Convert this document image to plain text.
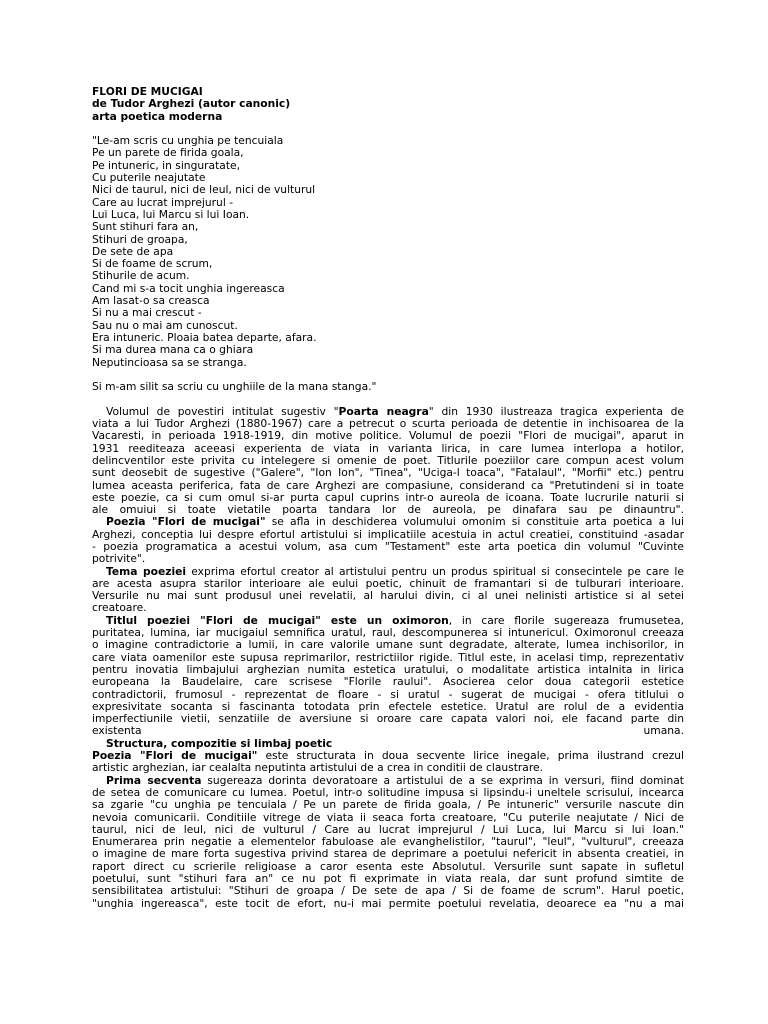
FLORI DE MUCIGAI
de Tudor Arghezi (autor canonic)
arta poetica moderna
"Le-am scris cu unghia pe tencuiala
Pe un parete de firida goala,
Pe intuneric, in singuratate,
Cu puterile neajutate
Nici de taurul, nici de leul, nici de vulturul
Care au lucrat imprejurul -
Lui Luca, lui Marcu si lui Ioan.
Sunt stihuri fara an,
Stihuri de groapa,
De sete de apa
Si de foame de scrum,
Stihurile de acum.
Cand mi s-a tocit unghia ingereasca
Am lasat-o sa creasca
Si nu a mai crescut -
Sau nu o mai am cunoscut.
Era intuneric. Ploaia batea departe, afara.
Si ma durea mana ca o ghiara
Neputincioasa sa se stranga.
Si m-am silit sa scriu cu unghiile de la mana stanga."
Volumul de povestiri intitulat sugestiv "Poarta neagra" din 1930 ilustreaza tragica experienta de
viata a lui Tudor Arghezi (1880-1967) care a petrecut o scurta perioada de detentie in inchisoarea de la
Vacaresti, in perioada 1918-1919, din motive politice. Volumul de poezii "Flori de mucigai", aparut in
1931 reediteaza aceeasi experienta de viata in varianta lirica, in care lumea interlopa a hotilor,
delincventilor este privita cu intelegere si omenie de poet. Titlurile poeziilor care compun acest volum
sunt deosebit de sugestive ("Galere", "Ion Ion", "Tinea", "Uciga-l toaca", "Fatalaul", "Morfii" etc.) pentru
lumea aceasta periferica, fata de care Arghezi are compasiune, considerand ca "Pretutindeni si in toate
este poezie, ca si cum omul si-ar purta capul cuprins intr-o aureola de icoana. Toate lucrurile naturii si
ale omuiui si toate vietatile poarta tandara lor de aureola, pe dinafara sau pe dinauntru".
Poezia "Flori de mucigai" se afla in deschiderea volumului omonim si constituie arta poetica a lui
Arghezi, conceptia lui despre efortul artistului si implicatiile acestuia in actul creatiei, constituind -asadar
- poezia programatica a acestui volum, asa cum "Testament" este arta poetica din volumul "Cuvinte
potrivite".
Tema poeziei exprima efortul creator al artistului pentru un produs spiritual si consecintele pe care le
are acesta asupra starilor interioare ale eului poetic, chinuit de framantari si de tulburari interioare.
Versurile nu mai sunt produsul unei revelatii, al harului divin, ci al unei nelinisti artistice si al setei
creatoare.
Titlul poeziei "Flori de mucigai" este un oximoron, in care florile sugereaza frumusetea,
puritatea, lumina, iar mucigaiul semnifica uratul, raul, descompunerea si intunericul. Oximoronul creeaza
o imagine contradictorie a lumii, in care valorile umane sunt degradate, alterate, lumea inchisorilor, in
care viata oamenilor este supusa reprimarilor, restrictiilor rigide. Titlul este, in acelasi timp, reprezentativ
pentru inovatia limbajului arghezian numita estetica uratului, o modalitate artistica intalnita in lirica
europeana la Baudelaire, care scrisese "Florile raului". Asocierea celor doua categorii estetice
contradictorii, frumosul - reprezentat de floare - si uratul - sugerat de mucigai - ofera titlului o
expresivitate socanta si fascinanta totodata prin efectele estetice. Uratul are rolul de a evidentia
imperfectiunile vietii, senzatiile de aversiune si oroare care capata valori noi, ele facand parte din
existenta umana.
Structura, compozitie si limbaj poetic
Poezia "Flori de mucigai" este structurata in doua secvente lirice inegale, prima ilustrand crezul
artistic arghezian, iar cealalta neputinta artistului de a crea in conditii de claustrare.
Prima secventa sugereaza dorinta devoratoare a artistului de a se exprima in versuri, fiind dominat
de setea de comunicare cu lumea. Poetul, intr-o solitudine impusa si lipsindu-i uneltele scrisului, incearca
sa zgarie "cu unghia pe tencuiala / Pe un parete de firida goala, / Pe intuneric" versurile nascute din
nevoia comunicarii. Conditiile vitrege de viata ii seaca forta creatoare, "Cu puterile neajutate / Nici de
taurul, nici de leul, nici de vulturul / Care au lucrat imprejurul / Lui Luca, lui Marcu si lui Ioan."
Enumerarea prin negatie a elementelor fabuloase ale evanghelistilor, "taurul", "leul", "vulturul", creeaza
o imagine de mare forta sugestiva privind starea de deprimare a poetului nefericit in absenta creatiei, in
raport direct cu scrierile religioase a caror esenta este Absolutul. Versurile sunt sapate in sufletul
poetului, sunt "stihuri fara an" ce nu pot fi exprimate in viata reala, dar sunt profund simtite de
sensibilitatea artistului: "Stihuri de groapa / De sete de apa / Si de foame de scrum". Harul poetic,
"unghia ingereasca", este tocit de efort, nu-i mai permite poetului revelatia, deoarece ea "nu a mai
